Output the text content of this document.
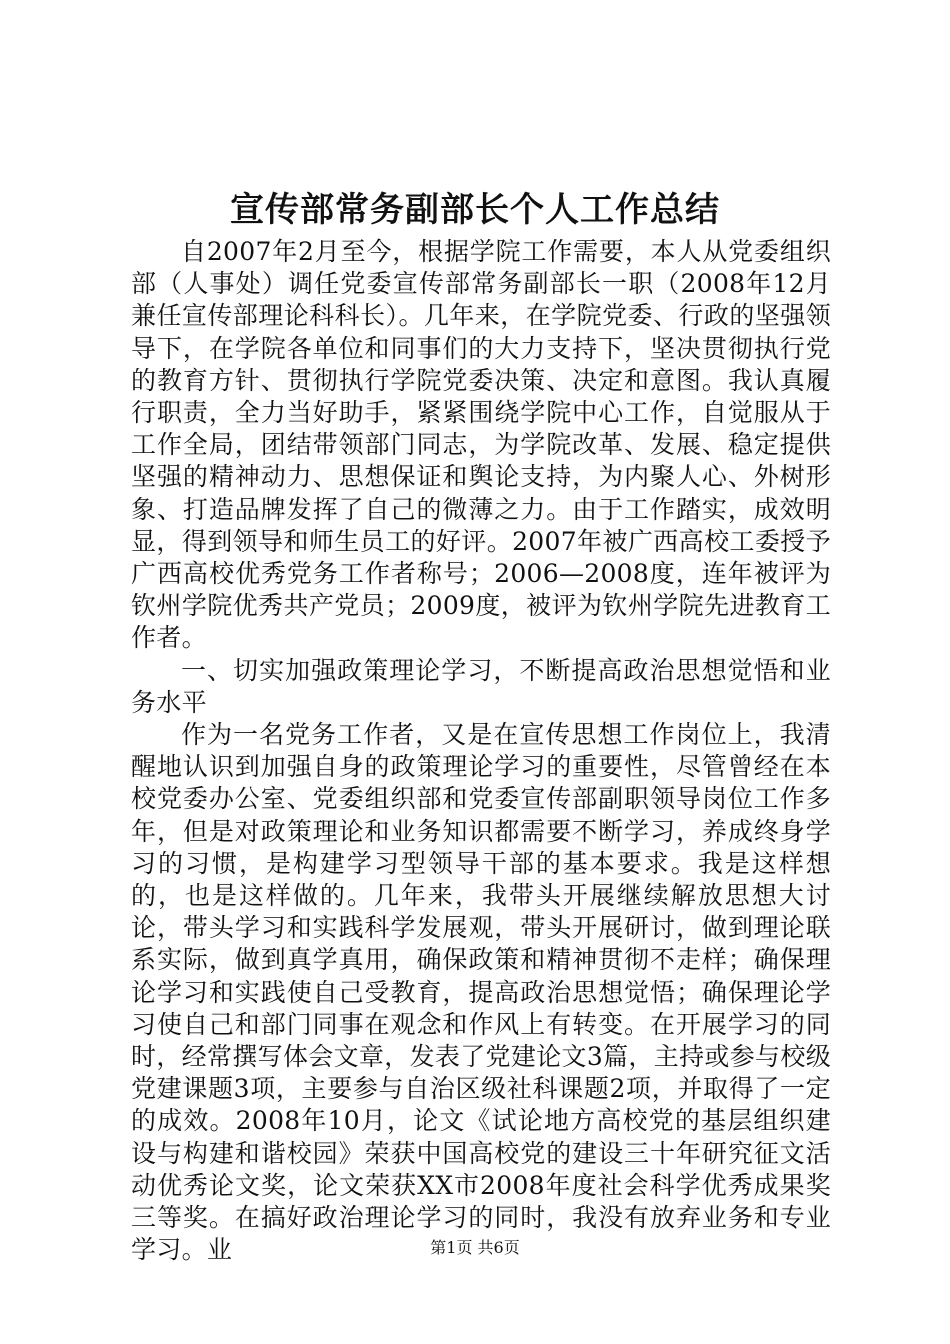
宣传部常务副部长个人工作总结

自2007年2月至今，根据学院工作需要，本人从党委组织部（人事处）调任党委宣传部常务副部长一职（2008年12月兼任宣传部理论科科长）。几年来，在学院党委、行政的坚强领导下，在学院各单位和同事们的大力支持下，坚决贯彻执行党的教育方针、贯彻执行学院党委决策、决定和意图。我认真履行职责，全力当好助手，紧紧围绕学院中心工作，自觉服从于工作全局，团结带领部门同志，为学院改革、发展、稳定提供坚强的精神动力、思想保证和舆论支持，为内聚人心、外树形象、打造品牌发挥了自己的微薄之力。由于工作踏实，成效明显，得到领导和师生员工的好评。2007年被广西高校工委授予广西高校优秀党务工作者称号；2006—2008度，连年被评为钦州学院优秀共产党员；2009度，被评为钦州学院先进教育工作者。

一、切实加强政策理论学习，不断提高政治思想觉悟和业务水平

作为一名党务工作者，又是在宣传思想工作岗位上，我清醒地认识到加强自身的政策理论学习的重要性，尽管曾经在本校党委办公室、党委组织部和党委宣传部副职领导岗位工作多年，但是对政策理论和业务知识都需要不断学习，养成终身学习的习惯，是构建学习型领导干部的基本要求。我是这样想的，也是这样做的。几年来，我带头开展继续解放思想大讨论，带头学习和实践科学发展观，带头开展研讨，做到理论联系实际，做到真学真用，确保政策和精神贯彻不走样；确保理论学习和实践使自己受教育，提高政治思想觉悟；确保理论学习使自己和部门同事在观念和作风上有转变。在开展学习的同时，经常撰写体会文章，发表了党建论文3篇，主持或参与校级党建课题3项，主要参与自治区级社科课题2项，并取得了一定的成效。2008年10月，论文《试论地方高校党的基层组织建设与构建和谐校园》荣获中国高校党的建设三十年研究征文活动优秀论文奖，论文荣获XX市2008年度社会科学优秀成果奖三等奖。在搞好政治理论学习的同时，我没有放弃业务和专业学习。业	第1页 共6页
